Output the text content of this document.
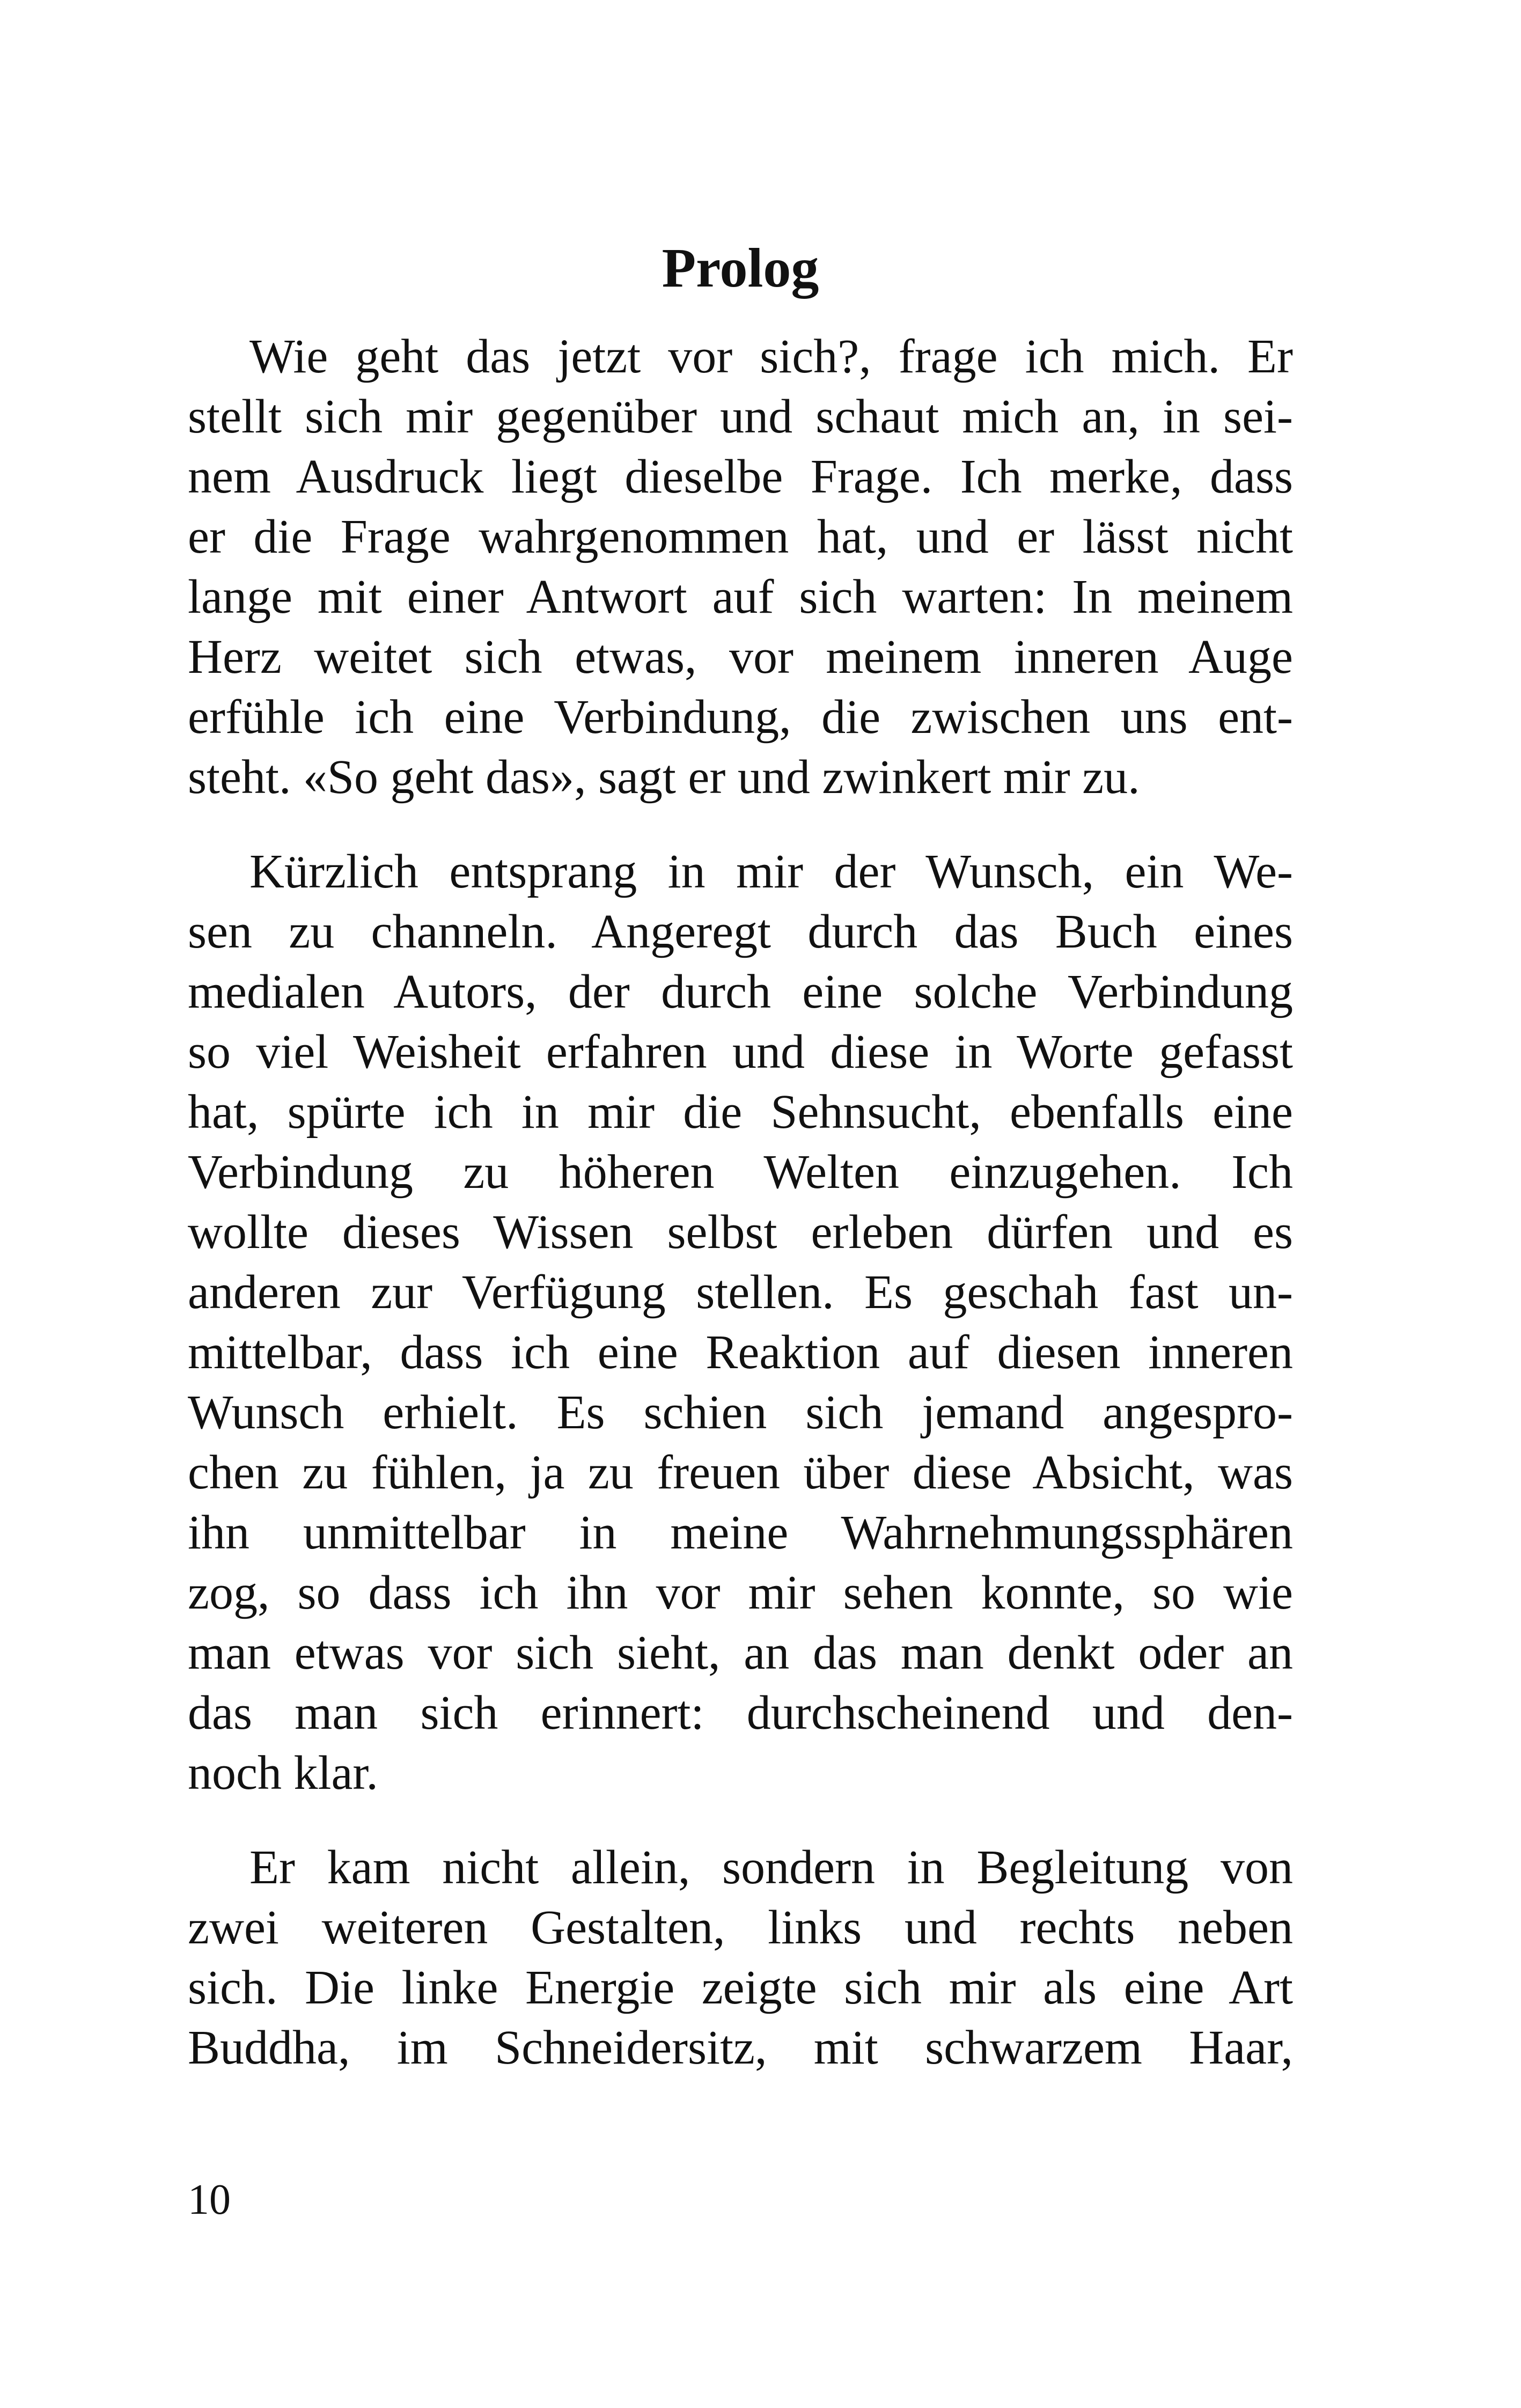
Prolog
Wie geht das jetzt vor sich?, frage ich mich. Er
stellt sich mir gegenüber und schaut mich an, in sei-
nem Ausdruck liegt dieselbe Frage. Ich merke, dass
er die Frage wahrgenommen hat, und er lässt nicht
lange mit einer Antwort auf sich warten: In meinem
Herz weitet sich etwas, vor meinem inneren Auge
erfühle ich eine Verbindung, die zwischen uns ent-
steht. «So geht das», sagt er und zwinkert mir zu.
Kürzlich entsprang in mir der Wunsch, ein We-
sen zu channeln. Angeregt durch das Buch eines
medialen Autors, der durch eine solche Verbindung
so viel Weisheit erfahren und diese in Worte gefasst
hat, spürte ich in mir die Sehnsucht, ebenfalls eine
Verbindung zu höheren Welten einzugehen. Ich
wollte dieses Wissen selbst erleben dürfen und es
anderen zur Verfügung stellen. Es geschah fast un-
mittelbar, dass ich eine Reaktion auf diesen inneren
Wunsch erhielt. Es schien sich jemand angespro-
chen zu fühlen, ja zu freuen über diese Absicht, was
ihn unmittelbar in meine Wahrnehmungssphären
zog, so dass ich ihn vor mir sehen konnte, so wie
man etwas vor sich sieht, an das man denkt oder an
das man sich erinnert: durchscheinend und den-
noch klar.
Er kam nicht allein, sondern in Begleitung von
zwei weiteren Gestalten, links und rechts neben
sich. Die linke Energie zeigte sich mir als eine Art
Buddha, im Schneidersitz, mit schwarzem Haar,
10
